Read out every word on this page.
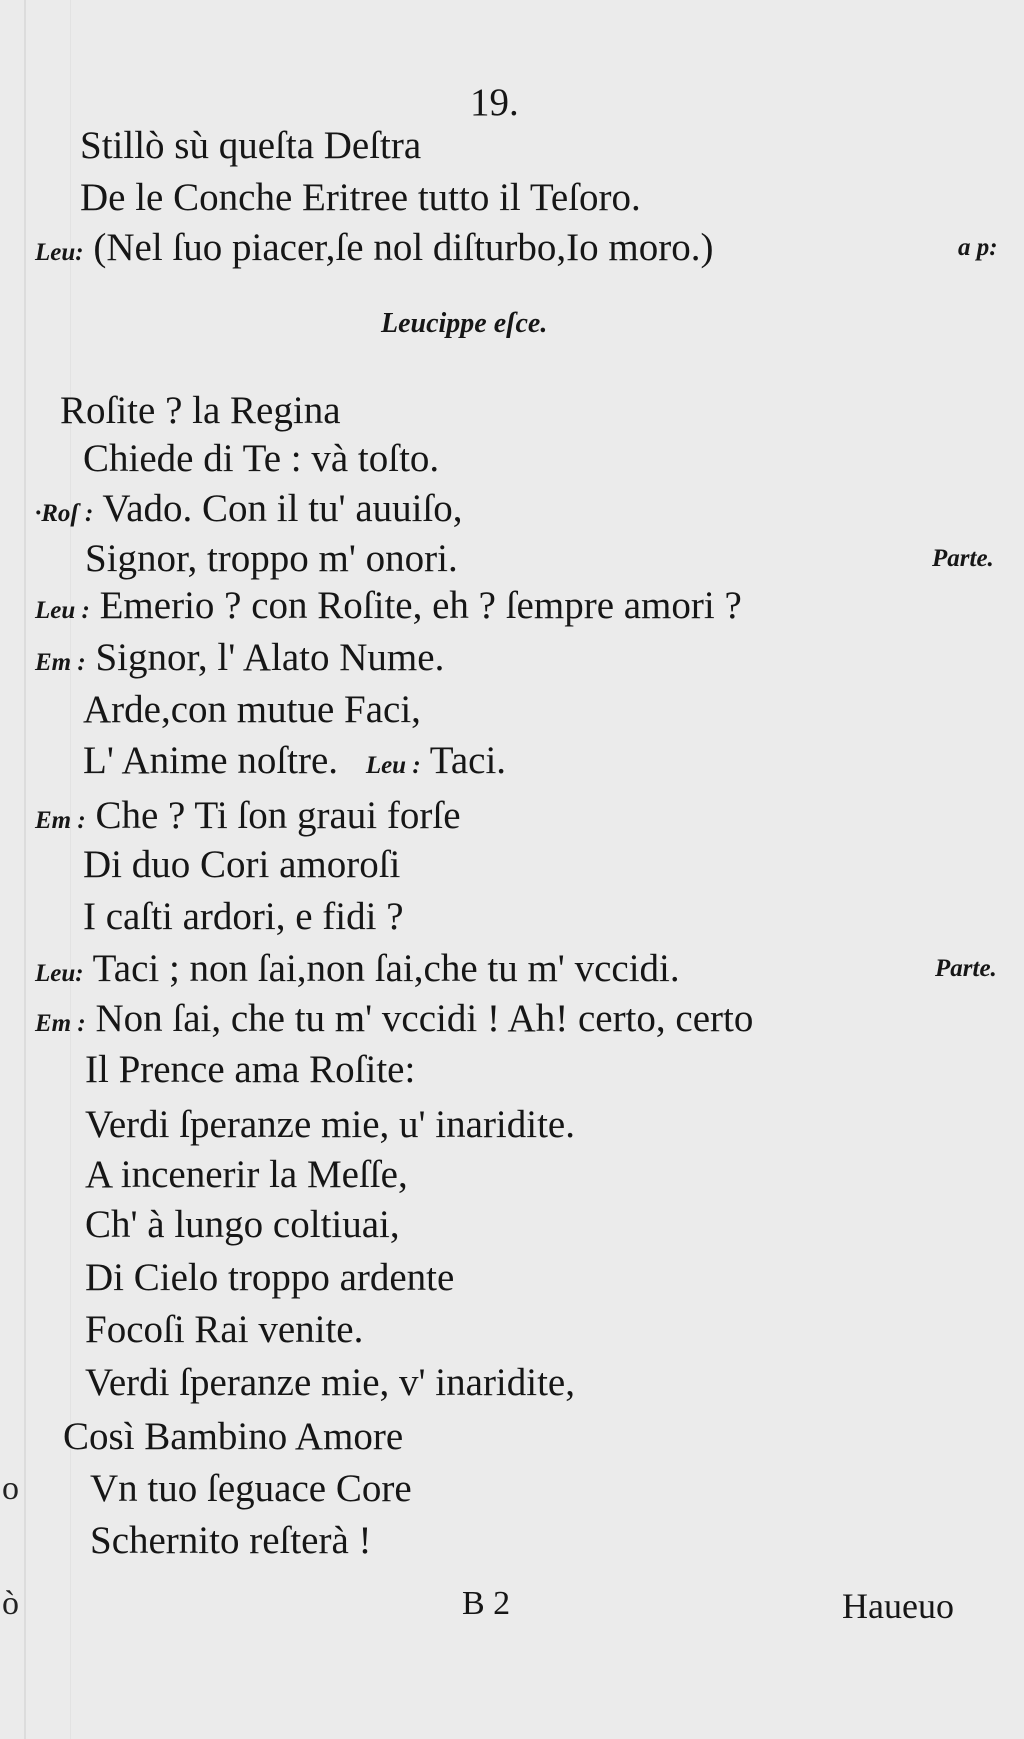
19.
Leucippe eſce.
Stillò sù queſta Deſtra
De le Conche Eritree tutto il Teſoro.
Leu: (Nel ſuo piacer,ſe nol diſturbo,Io moro.)	a p:
Roſite ? la Regina
Chiede di Te : và toſto.
·Roſ : Vado. Con il tu' auuiſo,
Signor, troppo m' onori.	Parte.
Leu : Emerio ? con Roſite, eh ? ſempre amori ?
Em : Signor, l' Alato Nume.
Arde,con mutue Faci,
L' Anime noſtre. Leu : Taci.
Em : Che ? Ti ſon graui forſe
Di duo Cori amoroſi
I caſti ardori, e fidi ?
Leu: Taci ; non ſai,non ſai,che tu m' vccidi.	Parte.
Em : Non ſai, che tu m' vccidi ! Ah! certo, certo
Il Prence ama Roſite:
Verdi ſperanze mie, u' inaridite.
A incenerir la Meſſe,
Ch' à lungo coltiuai,
Di Cielo troppo ardente
Focoſi Rai venite.
Verdi ſperanze mie, v' inaridite,
Così Bambino Amore
Vn tuo ſeguace Core
Schernito reſterà !
o
ò	B 2	Haueuo
